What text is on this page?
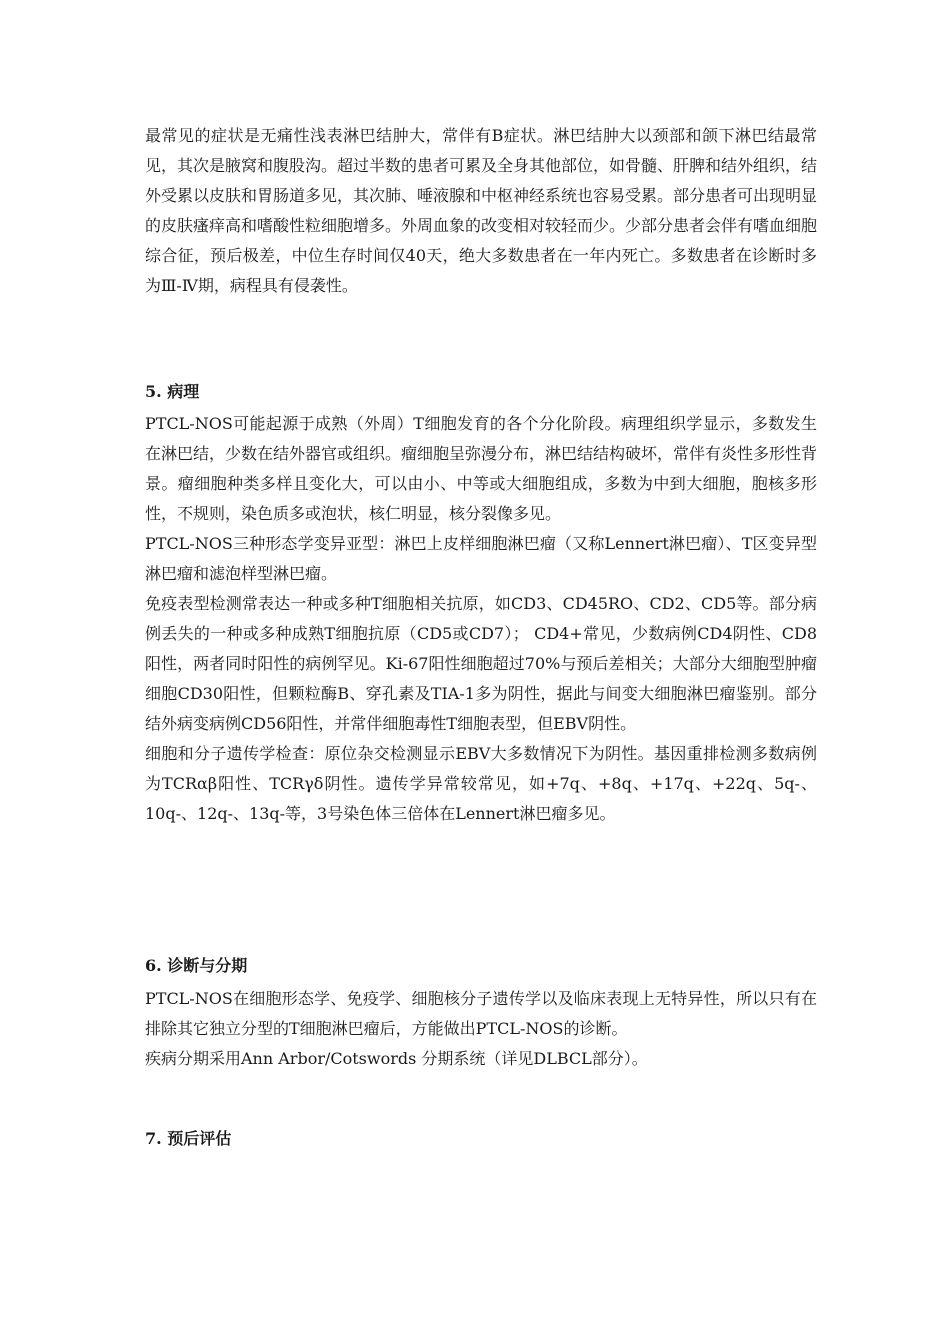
最常见的症状是无痛性浅表淋巴结肿大，常伴有B症状。淋巴结肿大以颈部和颌下淋巴结最常见，其次是腋窝和腹股沟。超过半数的患者可累及全身其他部位，如骨髓、肝脾和结外组织，结外受累以皮肤和胃肠道多见，其次肺、唾液腺和中枢神经系统也容易受累。部分患者可出现明显的皮肤瘙痒高和嗜酸性粒细胞增多。外周血象的改变相对较轻而少。少部分患者会伴有嗜血细胞综合征，预后极差，中位生存时间仅40天，绝大多数患者在一年内死亡。多数患者在诊断时多为Ⅲ-Ⅳ期，病程具有侵袭性。

5. 病理

PTCL-NOS可能起源于成熟（外周）T细胞发育的各个分化阶段。病理组织学显示，多数发生在淋巴结，少数在结外器官或组织。瘤细胞呈弥漫分布，淋巴结结构破坏，常伴有炎性多形性背景。瘤细胞种类多样且变化大，可以由小、中等或大细胞组成，多数为中到大细胞，胞核多形性，不规则，染色质多或泡状，核仁明显，核分裂像多见。

PTCL-NOS三种形态学变异亚型：淋巴上皮样细胞淋巴瘤（又称Lennert淋巴瘤）、T区变异型淋巴瘤和滤泡样型淋巴瘤。

免疫表型检测常表达一种或多种T细胞相关抗原，如CD3、CD45RO、CD2、CD5等。部分病例丢失的一种或多种成熟T细胞抗原（CD5或CD7）； CD4+常见，少数病例CD4阴性、CD8阳性，两者同时阳性的病例罕见。Ki-67阳性细胞超过70%与预后差相关；大部分大细胞型肿瘤细胞CD30阳性，但颗粒酶B、穿孔素及TIA-1多为阴性，据此与间变大细胞淋巴瘤鉴别。部分结外病变病例CD56阳性，并常伴细胞毒性T细胞表型，但EBV阴性。

细胞和分子遗传学检查：原位杂交检测显示EBV大多数情况下为阴性。基因重排检测多数病例为TCRαβ阳性、TCRγδ阴性。遗传学异常较常见，如+7q、+8q、+17q、+22q、5q-、10q-、12q-、13q-等，3号染色体三倍体在Lennert淋巴瘤多见。

6. 诊断与分期

PTCL-NOS在细胞形态学、免疫学、细胞核分子遗传学以及临床表现上无特异性，所以只有在排除其它独立分型的T细胞淋巴瘤后，方能做出PTCL-NOS的诊断。

疾病分期采用Ann Arbor/Cotswords 分期系统（详见DLBCL部分）。

7. 预后评估
